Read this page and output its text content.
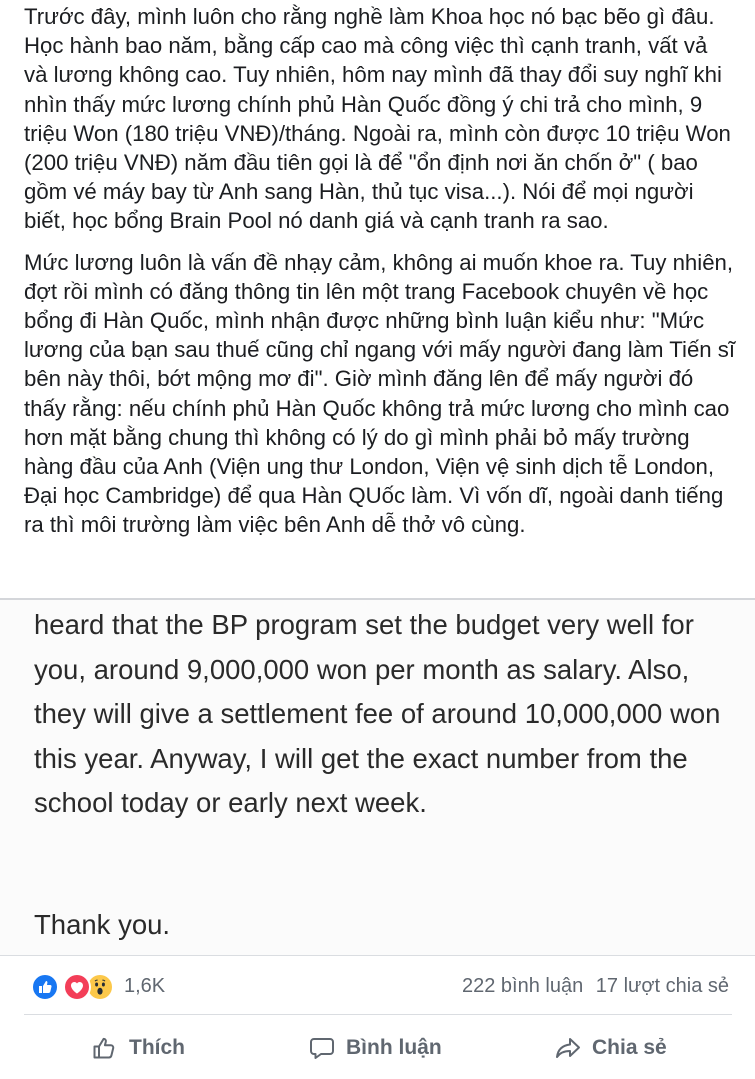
Trước đây, mình luôn cho rằng nghề làm Khoa học nó bạc bẽo gì đâu. Học hành bao năm, bằng cấp cao mà công việc thì cạnh tranh, vất vả và lương không cao. Tuy nhiên, hôm nay mình đã thay đổi suy nghĩ khi nhìn thấy mức lương chính phủ Hàn Quốc đồng ý chi trả cho mình, 9 triệu Won (180 triệu VNĐ)/tháng. Ngoài ra, mình còn được 10 triệu Won (200 triệu VNĐ) năm đầu tiên gọi là để "ổn định nơi ăn chốn ở" ( bao gồm vé máy bay từ Anh sang Hàn, thủ tục visa...). Nói để mọi người biết, học bổng Brain Pool nó danh giá và cạnh tranh ra sao.

Mức lương luôn là vấn đề nhạy cảm, không ai muốn khoe ra. Tuy nhiên, đợt rồi mình có đăng thông tin lên một trang Facebook chuyên về học bổng đi Hàn Quốc, mình nhận được những bình luận kiểu như: "Mức lương của bạn sau thuế cũng chỉ ngang với mấy người đang làm Tiến sĩ bên này thôi, bớt mộng mơ đi". Giờ mình đăng lên để mấy người đó thấy rằng: nếu chính phủ Hàn Quốc không trả mức lương cho mình cao hơn mặt bằng chung thì không có lý do gì mình phải bỏ mấy trường hàng đầu của Anh (Viện ung thư London, Viện vệ sinh dịch tễ London, Đại học Cambridge) để qua Hàn QUốc làm. Vì vốn dĩ, ngoài danh tiếng ra thì môi trường làm việc bên Anh dễ thở vô cùng.

heard that the BP program set the budget very well for you, around 9,000,000 won per month as salary. Also, they will give a settlement fee of around 10,000,000 won this year. Anyway, I will get the exact number from the school today or early next week.

Thank you.
1,6K	222 bình luận 17 lượt chia sẻ
Thích	Bình luận	Chia sẻ
